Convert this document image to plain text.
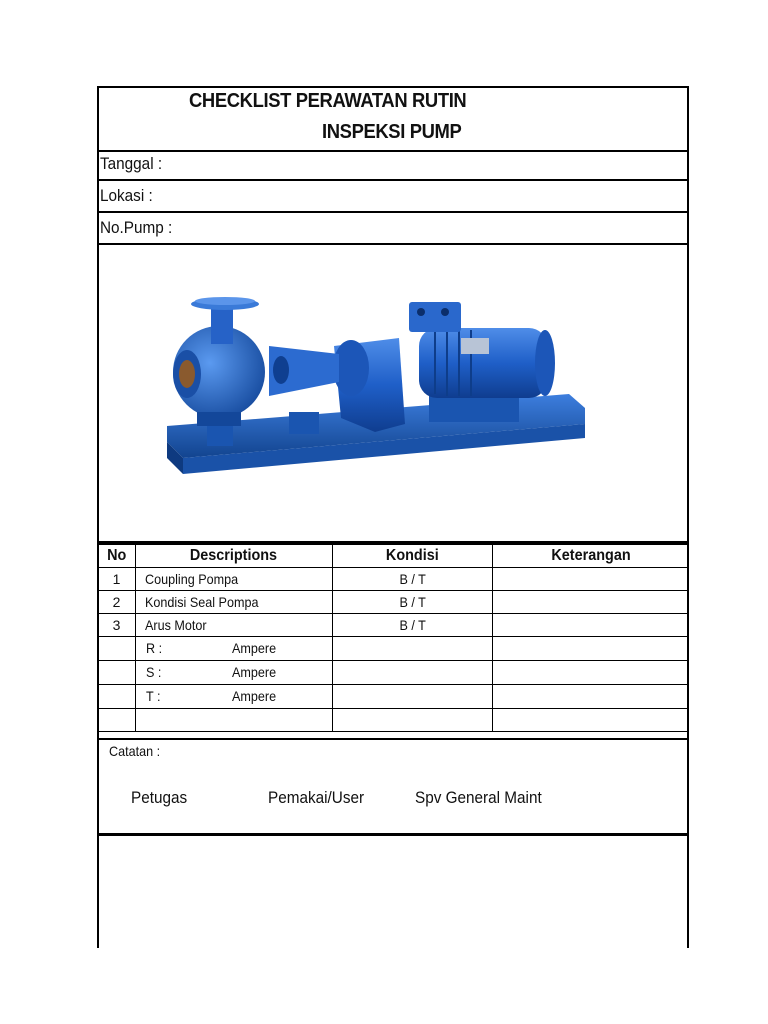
CHECKLIST PERAWATAN RUTIN
INSPEKSI PUMP
Tanggal :
Lokasi :
No.Pump :
No	Descriptions	Kondisi	Keterangan
1	Coupling Pompa	B / T	
2	Kondisi Seal Pompa	B / T	
3	Arus Motor	B / T	

	R : Ampere		

	S : Ampere		

	T : Ampere		

Catatan :
Petugas	Pemakai/User	Spv General Maint
